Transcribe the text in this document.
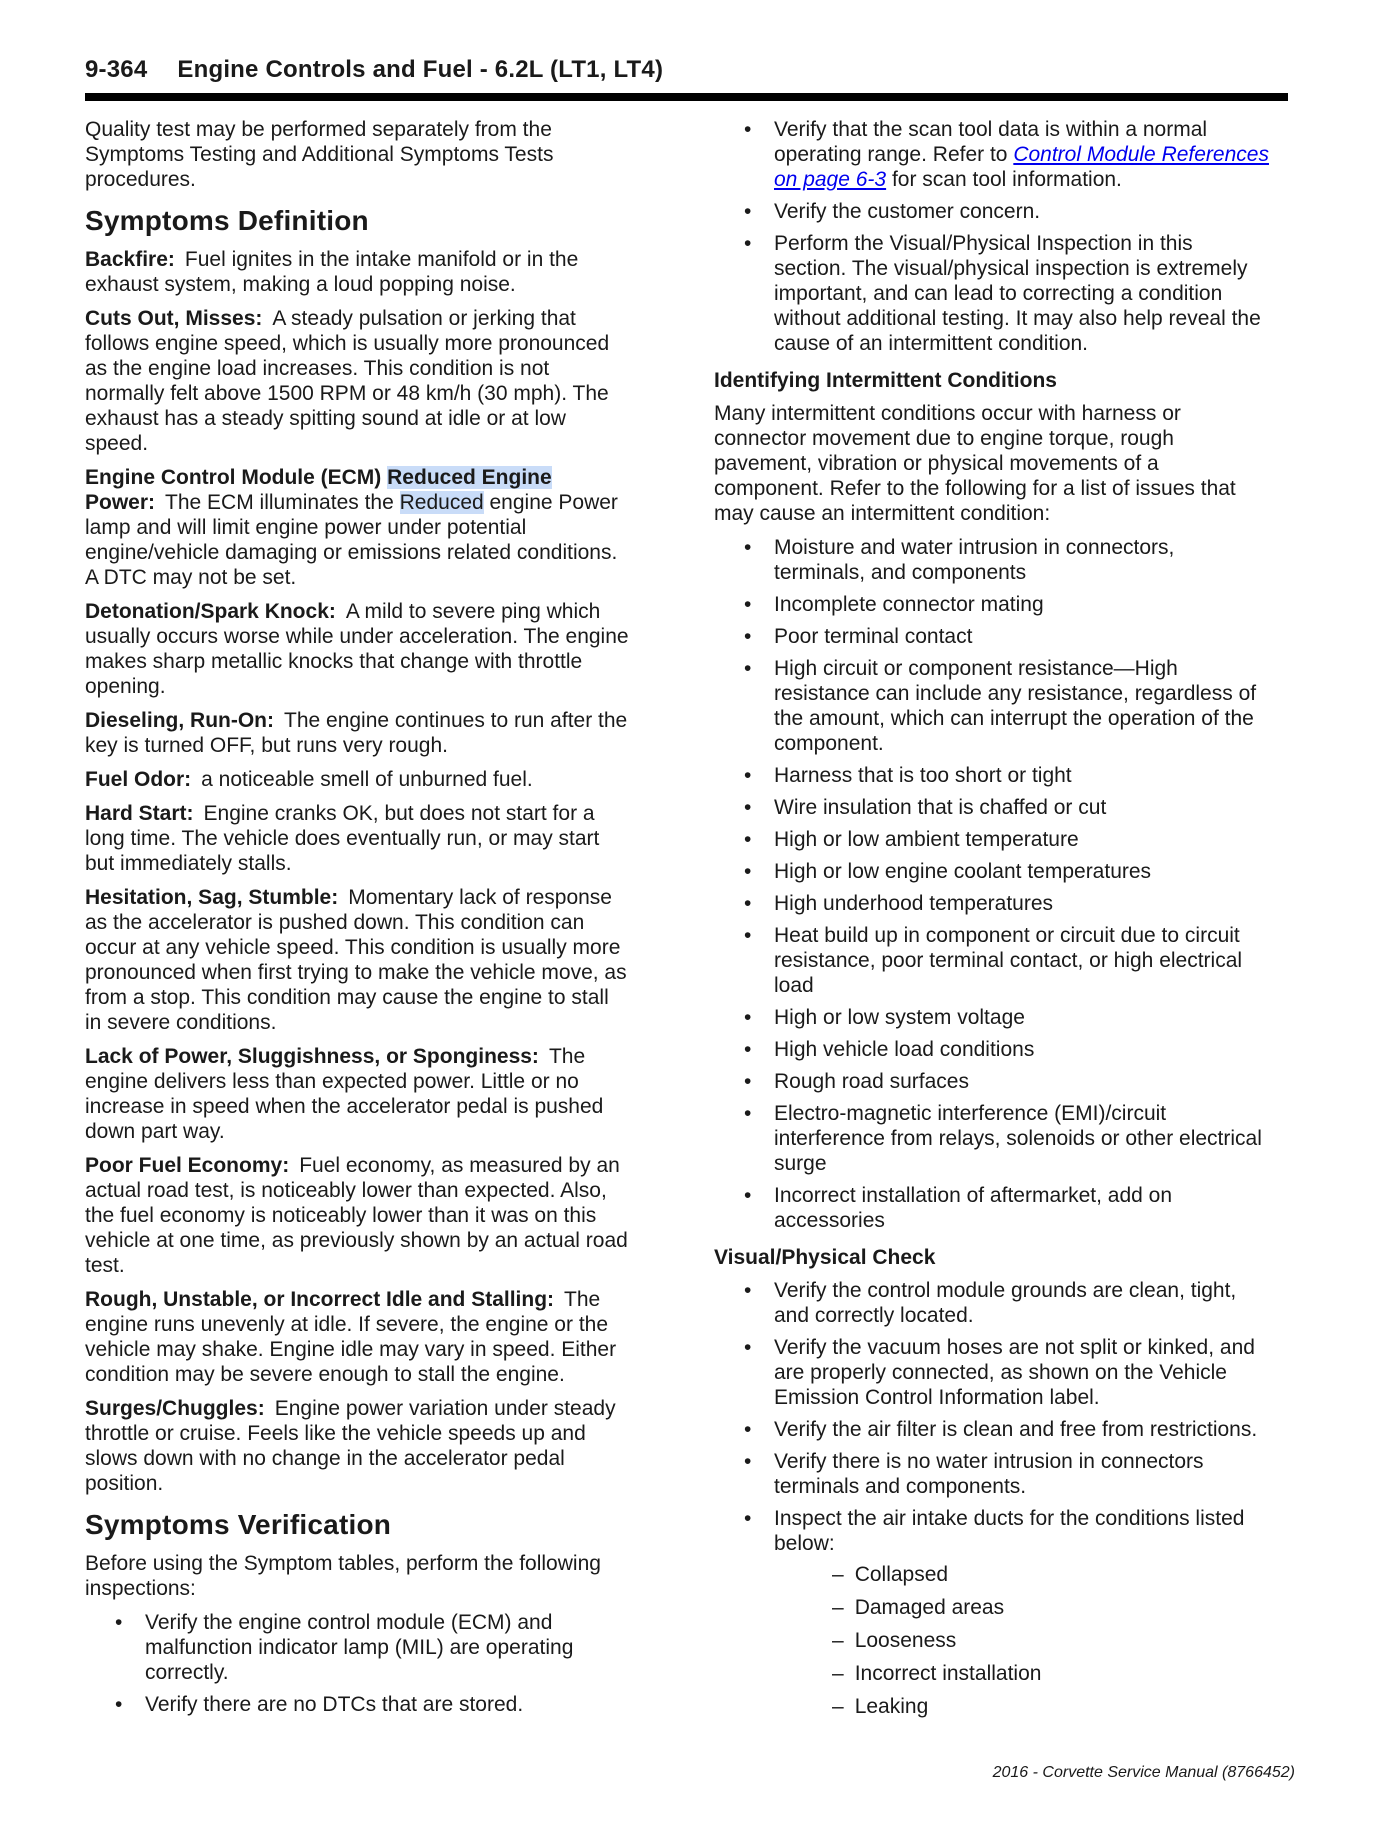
9-364 Engine Controls and Fuel - 6.2L (LT1, LT4)

Quality test may be performed separately from the Symptoms Testing and Additional Symptoms Tests procedures.

Symptoms Definition

Backfire: Fuel ignites in the intake manifold or in the exhaust system, making a loud popping noise.

Cuts Out, Misses: A steady pulsation or jerking that follows engine speed, which is usually more pronounced as the engine load increases. This condition is not normally felt above 1500 RPM or 48 km/h (30 mph). The exhaust has a steady spitting sound at idle or at low speed.

Engine Control Module (ECM) Reduced Engine Power: The ECM illuminates the Reduced engine Power lamp and will limit engine power under potential engine/vehicle damaging or emissions related conditions. A DTC may not be set.

Detonation/Spark Knock: A mild to severe ping which usually occurs worse while under acceleration. The engine makes sharp metallic knocks that change with throttle opening.

Dieseling, Run-On: The engine continues to run after the key is turned OFF, but runs very rough.

Fuel Odor: a noticeable smell of unburned fuel.

Hard Start: Engine cranks OK, but does not start for a long time. The vehicle does eventually run, or may start but immediately stalls.

Hesitation, Sag, Stumble: Momentary lack of response as the accelerator is pushed down. This condition can occur at any vehicle speed. This condition is usually more pronounced when first trying to make the vehicle move, as from a stop. This condition may cause the engine to stall in severe conditions.

Lack of Power, Sluggishness, or Sponginess: The engine delivers less than expected power. Little or no increase in speed when the accelerator pedal is pushed down part way.

Poor Fuel Economy: Fuel economy, as measured by an actual road test, is noticeably lower than expected. Also, the fuel economy is noticeably lower than it was on this vehicle at one time, as previously shown by an actual road test.

Rough, Unstable, or Incorrect Idle and Stalling: The engine runs unevenly at idle. If severe, the engine or the vehicle may shake. Engine idle may vary in speed. Either condition may be severe enough to stall the engine.

Surges/Chuggles: Engine power variation under steady throttle or cruise. Feels like the vehicle speeds up and slows down with no change in the accelerator pedal position.

Symptoms Verification

Before using the Symptom tables, perform the following inspections:

• Verify the engine control module (ECM) and malfunction indicator lamp (MIL) are operating correctly.
• Verify there are no DTCs that are stored.
• Verify that the scan tool data is within a normal operating range. Refer to Control Module References on page 6-3 for scan tool information.
• Verify the customer concern.
• Perform the Visual/Physical Inspection in this section. The visual/physical inspection is extremely important, and can lead to correcting a condition without additional testing. It may also help reveal the cause of an intermittent condition.
Identifying Intermittent Conditions

Many intermittent conditions occur with harness or connector movement due to engine torque, rough pavement, vibration or physical movements of a component. Refer to the following for a list of issues that may cause an intermittent condition:

• Moisture and water intrusion in connectors, terminals, and components
• Incomplete connector mating
• Poor terminal contact
• High circuit or component resistance—High resistance can include any resistance, regardless of the amount, which can interrupt the operation of the component.
• Harness that is too short or tight
• Wire insulation that is chaffed or cut
• High or low ambient temperature
• High or low engine coolant temperatures
• High underhood temperatures
• Heat build up in component or circuit due to circuit resistance, poor terminal contact, or high electrical load
• High or low system voltage
• High vehicle load conditions
• Rough road surfaces
• Electro-magnetic interference (EMI)/circuit interference from relays, solenoids or other electrical surge
• Incorrect installation of aftermarket, add on accessories
Visual/Physical Check
• Verify the control module grounds are clean, tight, and correctly located.
• Verify the vacuum hoses are not split or kinked, and are properly connected, as shown on the Vehicle Emission Control Information label.
• Verify the air filter is clean and free from restrictions.
• Verify there is no water intrusion in connectors terminals and components.
• Inspect the air intake ducts for the conditions listed below:
– Collapsed
– Damaged areas
– Looseness
– Incorrect installation
– Leaking
2016 - Corvette Service Manual (8766452)
